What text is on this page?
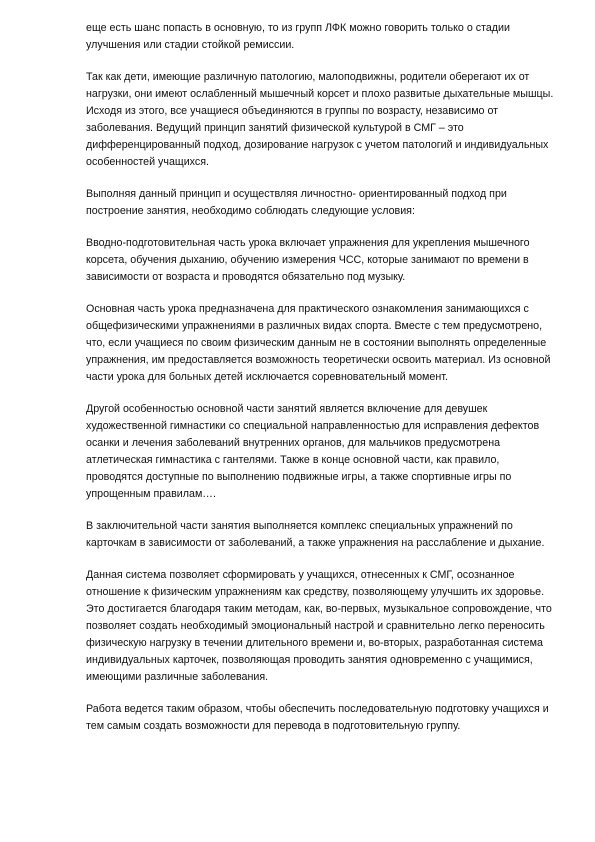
еще есть шанс попасть в основную, то из групп ЛФК можно говорить только о стадии улучшения или стадии стойкой ремиссии.

Так как дети, имеющие различную патологию, малоподвижны, родители оберегают их от нагрузки, они имеют ослабленный мышечный корсет и плохо развитые дыхательные мышцы. Исходя из этого, все учащиеся объединяются в группы по возрасту, независимо от заболевания. Ведущий принцип занятий физической культурой в СМГ – это дифференцированный подход, дозирование нагрузок с учетом патологий и индивидуальных особенностей учащихся.

Выполняя данный принцип и осуществляя личностно- ориентированный подход при построение занятия, необходимо соблюдать следующие условия:

Вводно-подготовительная часть урока включает упражнения для укрепления мышечного корсета, обучения дыханию, обучению измерения ЧСС, которые занимают по времени в зависимости от возраста и проводятся обязательно под музыку.

Основная часть урока предназначена для практического ознакомления занимающихся с общефизическими упражнениями в различных видах спорта. Вместе с тем предусмотрено, что, если учащиеся по своим физическим данным не в состоянии выполнять определенные упражнения, им предоставляется возможность теоретически освоить материал. Из основной части урока для больных детей исключается соревновательный момент.

Другой особенностью основной части занятий является включение для девушек художественной гимнастики со специальной направленностью для исправления дефектов осанки и лечения заболеваний внутренних органов, для мальчиков предусмотрена атлетическая гимнастика с гантелями. Также в конце основной части, как правило, проводятся доступные по выполнению подвижные игры, а также спортивные игры по упрощенным правилам….

В заключительной части занятия выполняется комплекс специальных упражнений по карточкам в зависимости от заболеваний, а также упражнения на расслабление и дыхание.

Данная система позволяет сформировать у учащихся, отнесенных к СМГ, осознанное отношение к физическим упражнениям как средству, позволяющему улучшить их здоровье. Это достигается благодаря таким методам, как, во-первых, музыкальное сопровождение, что позволяет создать необходимый эмоциональный настрой и сравнительно легко переносить физическую нагрузку в течении длительного времени и, во-вторых, разработанная система индивидуальных карточек, позволяющая проводить занятия одновременно с учащимися, имеющими различные заболевания.

Работа ведется таким образом, чтобы обеспечить последовательную подготовку учащихся и тем самым создать возможности для перевода в подготовительную группу.
